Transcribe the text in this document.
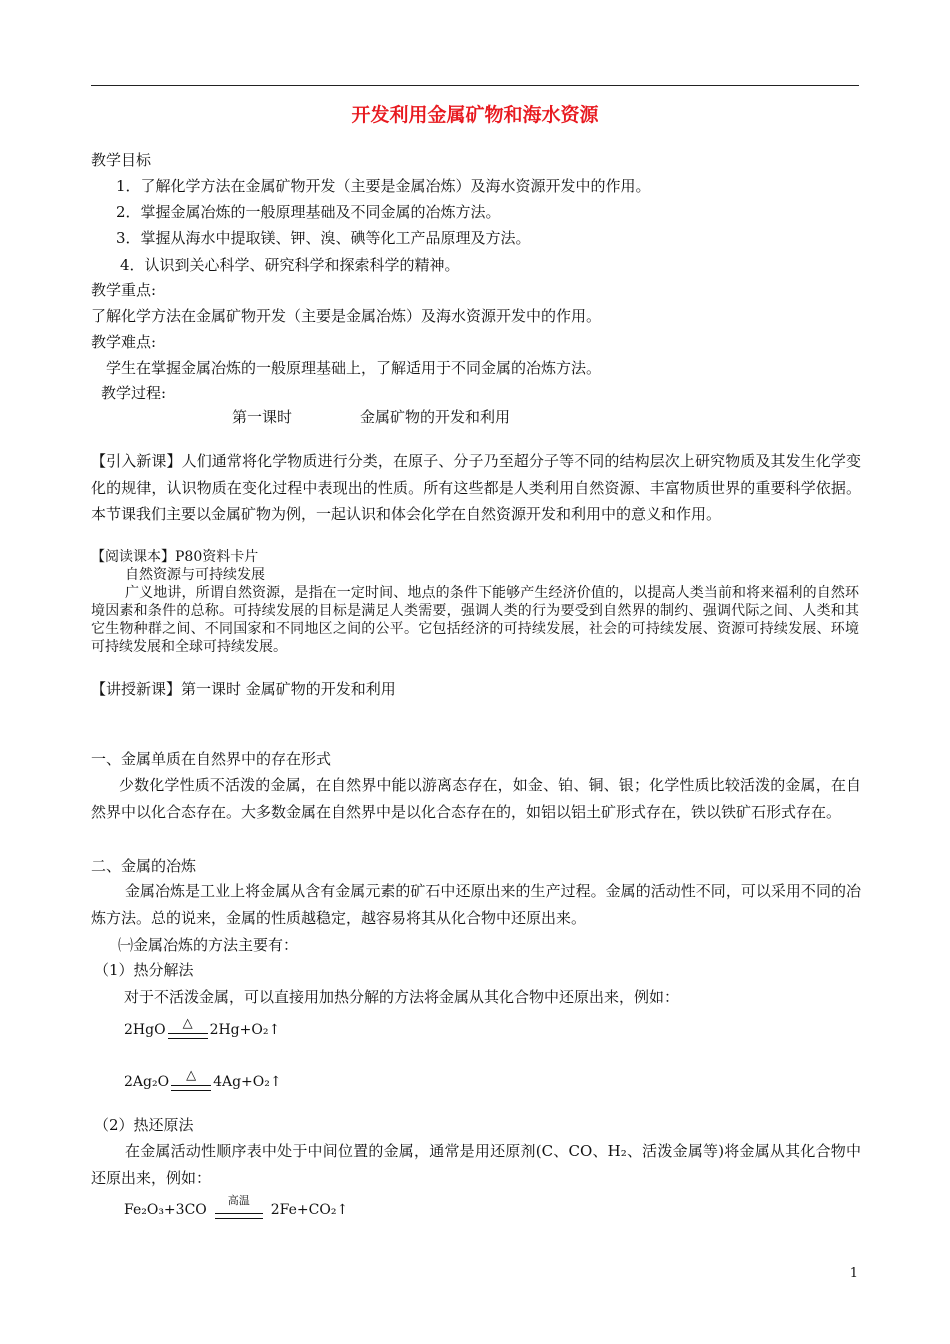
开发利用金属矿物和海水资源
教学目标
1．了解化学方法在金属矿物开发（主要是金属冶炼）及海水资源开发中的作用。
2．掌握金属冶炼的一般原理基础及不同金属的冶炼方法。
3．掌握从海水中提取镁、钾、溴、碘等化工产品原理及方法。
4．认识到关心科学、研究科学和探索科学的精神。
教学重点:
了解化学方法在金属矿物开发（主要是金属冶炼）及海水资源开发中的作用。
教学难点:
学生在掌握金属冶炼的一般原理基础上，了解适用于不同金属的冶炼方法。
教学过程:
第一课时	金属矿物的开发和利用
【引入新课】人们通常将化学物质进行分类，在原子、分子乃至超分子等不同的结构层次上研究物质及其发生化学变化的规律，认识物质在变化过程中表现出的性质。所有这些都是人类利用自然资源、丰富物质世界的重要科学依据。本节课我们主要以金属矿物为例，一起认识和体会化学在自然资源开发和利用中的意义和作用。

【阅读课本】P80资料卡片

自然资源与可持续发展

广义地讲，所谓自然资源，是指在一定时间、地点的条件下能够产生经济价值的，以提高人类当前和将来福利的自然环境因素和条件的总称。可持续发展的目标是满足人类需要，强调人类的行为要受到自然界的制约、强调代际之间、人类和其它生物种群之间、不同国家和不同地区之间的公平。它包括经济的可持续发展，社会的可持续发展、资源可持续发展、环境可持续发展和全球可持续发展。

【讲授新课】第一课时 金属矿物的开发和利用
一、金属单质在自然界中的存在形式
少数化学性质不活泼的金属，在自然界中能以游离态存在，如金、铂、铜、银；化学性质比较活泼的金属，在自然界中以化合态存在。大多数金属在自然界中是以化合态存在的，如铝以铝土矿形式存在，铁以铁矿石形式存在。
二、金属的冶炼
金属冶炼是工业上将金属从含有金属元素的矿石中还原出来的生产过程。金属的活动性不同，可以采用不同的冶炼方法。总的说来，金属的性质越稳定，越容易将其从化合物中还原出来。
㈠金属冶炼的方法主要有：
（1）热分解法
对于不活泼金属，可以直接用加热分解的方法将金属从其化合物中还原出来，例如：
2HgO	△	2Hg+O₂↑
2Ag₂O	△	4Ag+O₂↑
（2）热还原法
在金属活动性顺序表中处于中间位置的金属，通常是用还原剂(C、CO、H₂、活泼金属等)将金属从其化合物中还原出来，例如：
Fe₂O₃+3CO
高温
2Fe+CO₂↑
1
